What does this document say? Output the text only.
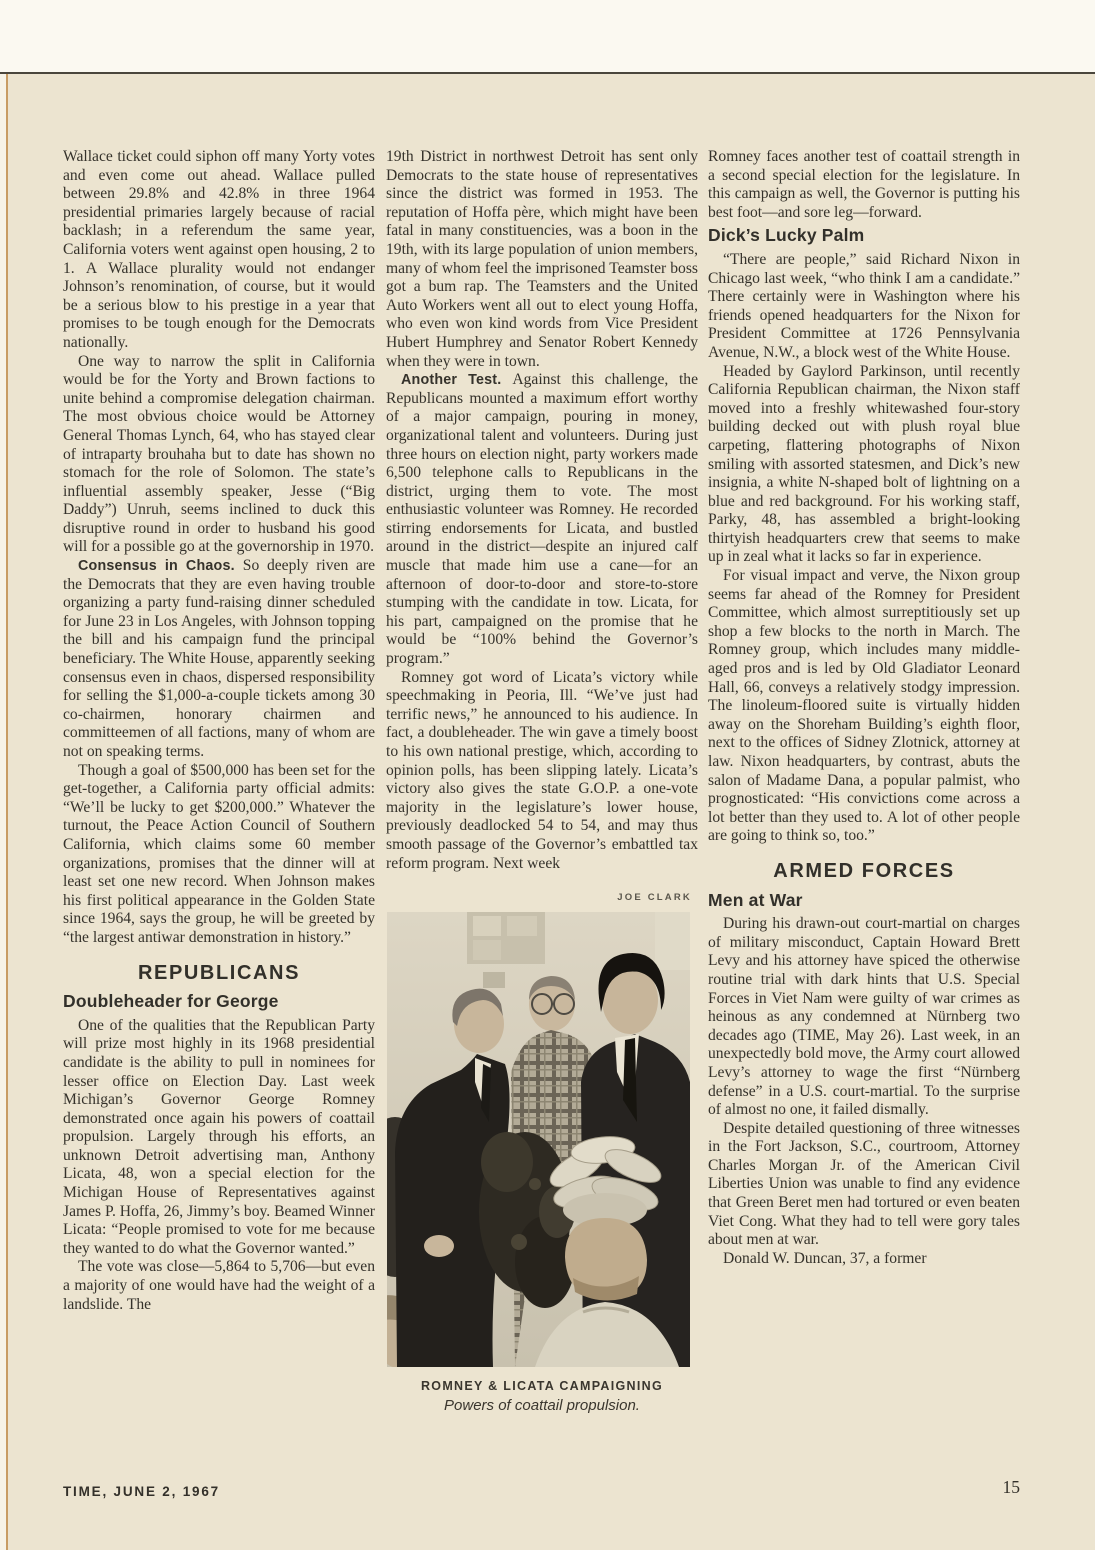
Wallace ticket could siphon off many Yorty votes and even come out ahead. Wallace pulled between 29.8% and 42.8% in three 1964 presidential primaries largely because of racial backlash; in a referendum the same year, California voters went against open housing, 2 to 1. A Wallace plurality would not endanger Johnson’s renomination, of course, but it would be a serious blow to his prestige in a year that promises to be tough enough for the Democrats nationally.

One way to narrow the split in California would be for the Yorty and Brown factions to unite behind a compromise delegation chairman. The most obvious choice would be Attorney General Thomas Lynch, 64, who has stayed clear of intraparty brouhaha but to date has shown no stomach for the role of Solomon. The state’s influential assembly speaker, Jesse (“Big Daddy”) Unruh, seems inclined to duck this disruptive round in order to husband his good will for a possible go at the governorship in 1970.

Consensus in Chaos. So deeply riven are the Democrats that they are even having trouble organizing a party fund-raising dinner scheduled for June 23 in Los Angeles, with Johnson topping the bill and his campaign fund the principal beneficiary. The White House, apparently seeking consensus even in chaos, dispersed responsibility for selling the $1,000-a-couple tickets among 30 co-chairmen, honorary chairmen and committeemen of all factions, many of whom are not on speaking terms.

Though a goal of $500,000 has been set for the get-together, a California party official admits: “We’ll be lucky to get $200,000.” Whatever the turnout, the Peace Action Council of Southern California, which claims some 60 member organizations, promises that the dinner will at least set one new record. When Johnson makes his first political appearance in the Golden State since 1964, says the group, he will be greeted by “the largest antiwar demonstration in history.”

REPUBLICANS
Doubleheader for George

One of the qualities that the Republican Party will prize most highly in its 1968 presidential candidate is the ability to pull in nominees for lesser office on Election Day. Last week Michigan’s Governor George Romney demonstrated once again his powers of coattail propulsion. Largely through his efforts, an unknown Detroit advertising man, Anthony Licata, 48, won a special election for the Michigan House of Representatives against James P. Hoffa, 26, Jimmy’s boy. Beamed Winner Licata: “People promised to vote for me because they wanted to do what the Governor wanted.”

The vote was close—5,864 to 5,706—but even a majority of one would have had the weight of a landslide. The

19th District in northwest Detroit has sent only Democrats to the state house of representatives since the district was formed in 1953. The reputation of Hoffa père, which might have been fatal in many constituencies, was a boon in the 19th, with its large population of union members, many of whom feel the imprisoned Teamster boss got a bum rap. The Teamsters and the United Auto Workers went all out to elect young Hoffa, who even won kind words from Vice President Hubert Humphrey and Senator Robert Kennedy when they were in town.

Another Test. Against this challenge, the Republicans mounted a maximum effort worthy of a major campaign, pouring in money, organizational talent and volunteers. During just three hours on election night, party workers made 6,500 telephone calls to Republicans in the district, urging them to vote. The most enthusiastic volunteer was Romney. He recorded stirring endorsements for Licata, and bustled around in the district—despite an injured calf muscle that made him use a cane—for an afternoon of door-to-door and store-to-store stumping with the candidate in tow. Licata, for his part, campaigned on the promise that he would be “100% behind the Governor’s program.”

Romney got word of Licata’s victory while speechmaking in Peoria, Ill. “We’ve just had terrific news,” he announced to his audience. In fact, a doubleheader. The win gave a timely boost to his own national prestige, which, according to opinion polls, has been slipping lately. Licata’s victory also gives the state G.O.P. a one-vote majority in the legislature’s lower house, previously deadlocked 54 to 54, and may thus smooth passage of the Governor’s embattled tax reform program. Next week

JOE CLARK
ROMNEY & LICATA CAMPAIGNING
Powers of coattail propulsion.

Romney faces another test of coattail strength in a second special election for the legislature. In this campaign as well, the Governor is putting his best foot—and sore leg—forward.

Dick’s Lucky Palm

“There are people,” said Richard Nixon in Chicago last week, “who think I am a candidate.” There certainly were in Washington where his friends opened headquarters for the Nixon for President Committee at 1726 Pennsylvania Avenue, N.W., a block west of the White House.

Headed by Gaylord Parkinson, until recently California Republican chairman, the Nixon staff moved into a freshly whitewashed four-story building decked out with plush royal blue carpeting, flattering photographs of Nixon smiling with assorted statesmen, and Dick’s new insignia, a white N-shaped bolt of lightning on a blue and red background. For his working staff, Parky, 48, has assembled a bright-looking thirtyish headquarters crew that seems to make up in zeal what it lacks so far in experience.

For visual impact and verve, the Nixon group seems far ahead of the Romney for President Committee, which almost surreptitiously set up shop a few blocks to the north in March. The Romney group, which includes many middle-aged pros and is led by Old Gladiator Leonard Hall, 66, conveys a relatively stodgy impression. The linoleum-floored suite is virtually hidden away on the Shoreham Building’s eighth floor, next to the offices of Sidney Zlotnick, attorney at law. Nixon headquarters, by contrast, abuts the salon of Madame Dana, a popular palmist, who prognosticated: “His convictions come across a lot better than they used to. A lot of other people are going to think so, too.”

ARMED FORCES
Men at War

During his drawn-out court-martial on charges of military misconduct, Captain Howard Brett Levy and his attorney have spiced the otherwise routine trial with dark hints that U.S. Special Forces in Viet Nam were guilty of war crimes as heinous as any condemned at Nürnberg two decades ago (TIME, May 26). Last week, in an unexpectedly bold move, the Army court allowed Levy’s attorney to wage the first “Nürnberg defense” in a U.S. court-martial. To the surprise of almost no one, it failed dismally.

Despite detailed questioning of three witnesses in the Fort Jackson, S.C., courtroom, Attorney Charles Morgan Jr. of the American Civil Liberties Union was unable to find any evidence that Green Beret men had tortured or even beaten Viet Cong. What they had to tell were gory tales about men at war.

Donald W. Duncan, 37, a former

TIME, JUNE 2, 1967	15
